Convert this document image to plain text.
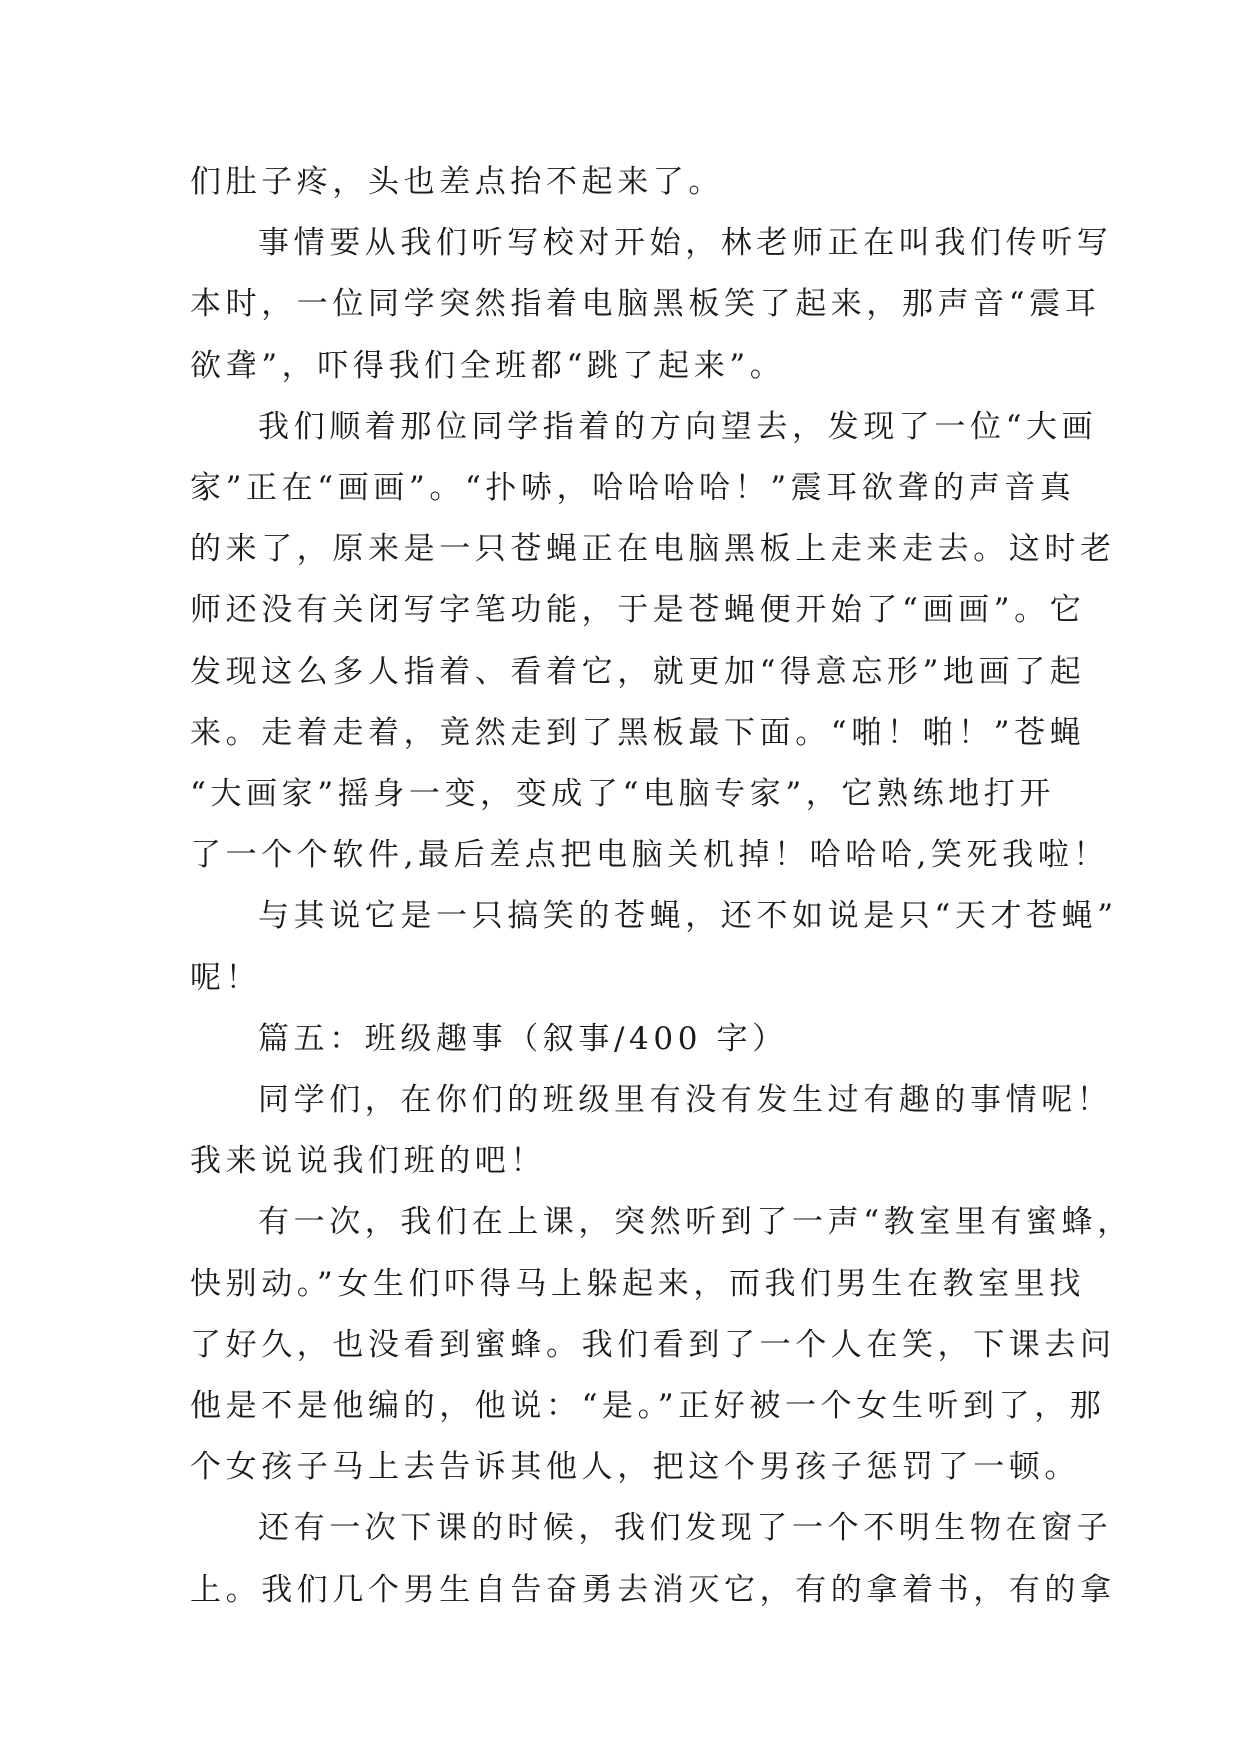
们肚子疼，头也差点抬不起来了。

事情要从我们听写校对开始，林老师正在叫我们传听写
本时，一位同学突然指着电脑黑板笑了起来，那声音“震耳
欲聋”，吓得我们全班都“跳了起来”。

我们顺着那位同学指着的方向望去，发现了一位“大画
家”正在“画画”。“扑哧，哈哈哈哈！”震耳欲聋的声音真
的来了，原来是一只苍蝇正在电脑黑板上走来走去。这时老
师还没有关闭写字笔功能，于是苍蝇便开始了“画画”。它
发现这么多人指着、看着它，就更加“得意忘形”地画了起
来。走着走着，竟然走到了黑板最下面。“啪！啪！”苍蝇
“大画家”摇身一变，变成了“电脑专家”，它熟练地打开
了一个个软件,最后差点把电脑关机掉！哈哈哈,笑死我啦！

与其说它是一只搞笑的苍蝇，还不如说是只“天才苍蝇”
呢！

篇五：班级趣事（叙事/400 字）

同学们，在你们的班级里有没有发生过有趣的事情呢！
我来说说我们班的吧！

有一次，我们在上课，突然听到了一声“教室里有蜜蜂，
快别动。”女生们吓得马上躲起来，而我们男生在教室里找
了好久，也没看到蜜蜂。我们看到了一个人在笑，下课去问
他是不是他编的，他说：“是。”正好被一个女生听到了，那
个女孩子马上去告诉其他人，把这个男孩子惩罚了一顿。

还有一次下课的时候，我们发现了一个不明生物在窗子
上。我们几个男生自告奋勇去消灭它，有的拿着书，有的拿
